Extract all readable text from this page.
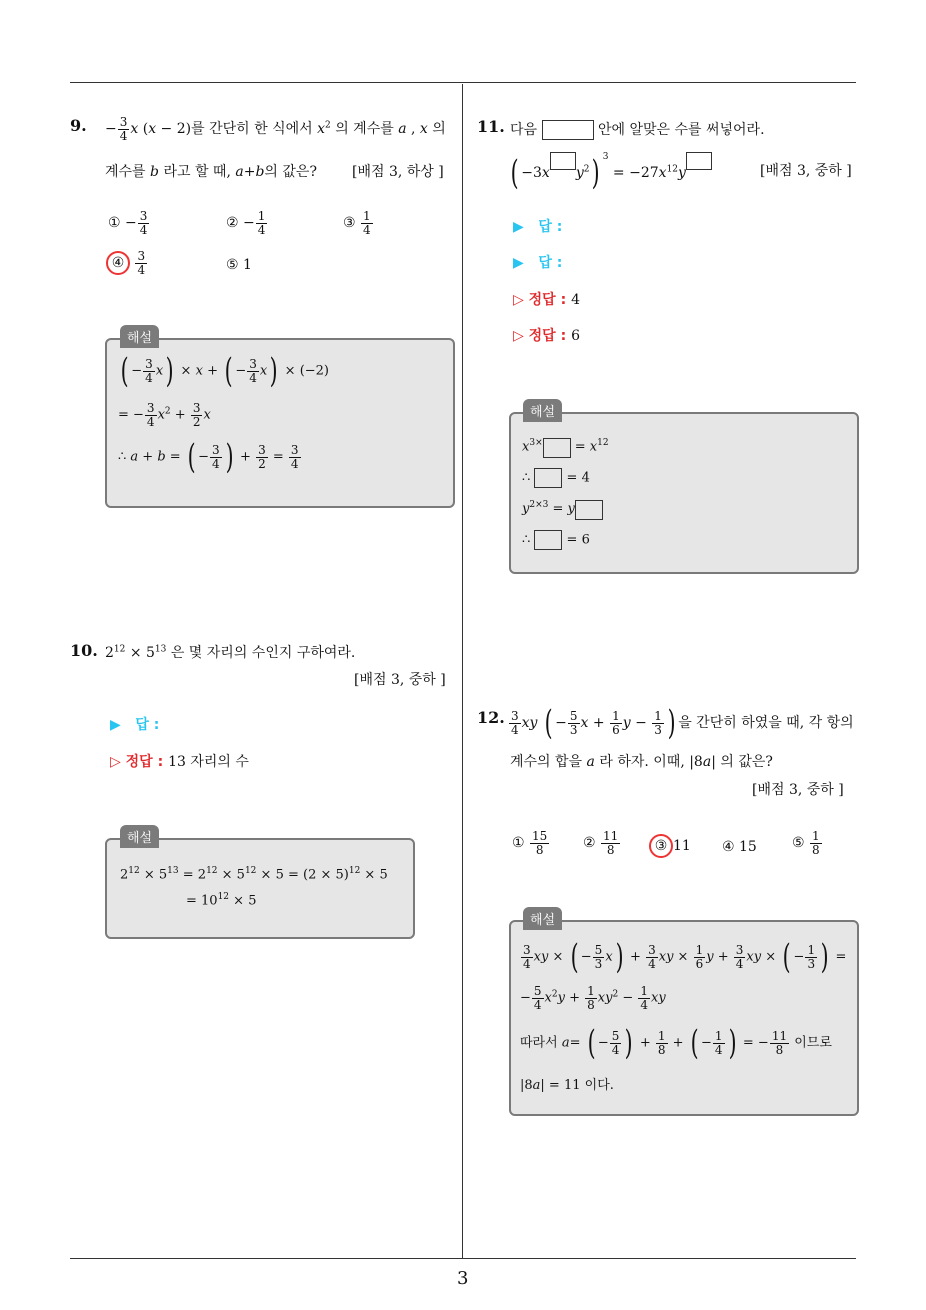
3
9. − $\frac{3}{4}$ x (x − 2)를 간단히 한 식에서 $x^2$ 의 계수를 a , x 의
계수를 b 라고 할 때, a+b의 값은?	[배점 3, 하상 ]
① − $\frac{3}{4}$	② − $\frac{1}{4}$	③ $\frac{1}{4}$
④ $\frac{3}{4}$	⑤ 1
해설
( − $\frac{3}{4} x) \times x$ + ( − $\frac{3}{4} x) \times (-2)$
= − $\frac{3}{4} x^2 + \frac{3}{2}$ x
∴ a + b = ( − $\frac{3}{4}$ ) + $\frac{3}{2} = \frac{3}{4}$
10. $2^{12} \times 5^{13}$ 은 몇 자리의 수인지 구하여라.
[배점 3, 중하 ]
▶ 답 :
▷ 정답 : 13 자리의 수
해설
$2^{12} \times 5^{13} = 2^{12} \times 5^{12} \times 5 = (2 \times 5)^{12} \times 5$
= $10^{12} \times 5$
11. 다음	안에 알맞은 수를 써넣어라.
( −3x $y^2$) $^3 = -27x^{12}y$	[배점 3, 중하 ]
▶ 답 :
▶ 답 :
▷ 정답 : 4
▷ 정답 : 6
해설
$x^{3\times} = x^{12}$
∴  = 4
$y^{2\times 3} = y$
∴  = 6
12. $\frac{3}{4}$ xy ( − $\frac{5}{3}$ $x + \frac{1}{6}$ $y - \frac{1}{3}$ ) 을 간단히 하였을 때, 각 항의
계수의 합을 a 라 하자. 이때, |8a| 의 값은?
[배점 3, 중하 ]
① $\frac{15}{8}$ ② $\frac{11}{8}$	③ 11 ④ 15	⑤ $\frac{1}{8}$
해설
$\frac{3}{4}$ xy × ( − $\frac{5}{3} x) + \frac{3}{4}$ xy × $\frac{1}{6}$ $y + \frac{3}{4}$ xy × ( − $\frac{1}{3}$ ) =
− $\frac{5}{4} x^2y + \frac{1}{8} xy^2 - \frac{1}{4}$ xy
따라서 a= ( − $\frac{5}{4}$ ) + $\frac{1}{8}$ + ( − $\frac{1}{4}$ ) = − $\frac{11}{8}$ 이므로
|8a| = 11 이다.
